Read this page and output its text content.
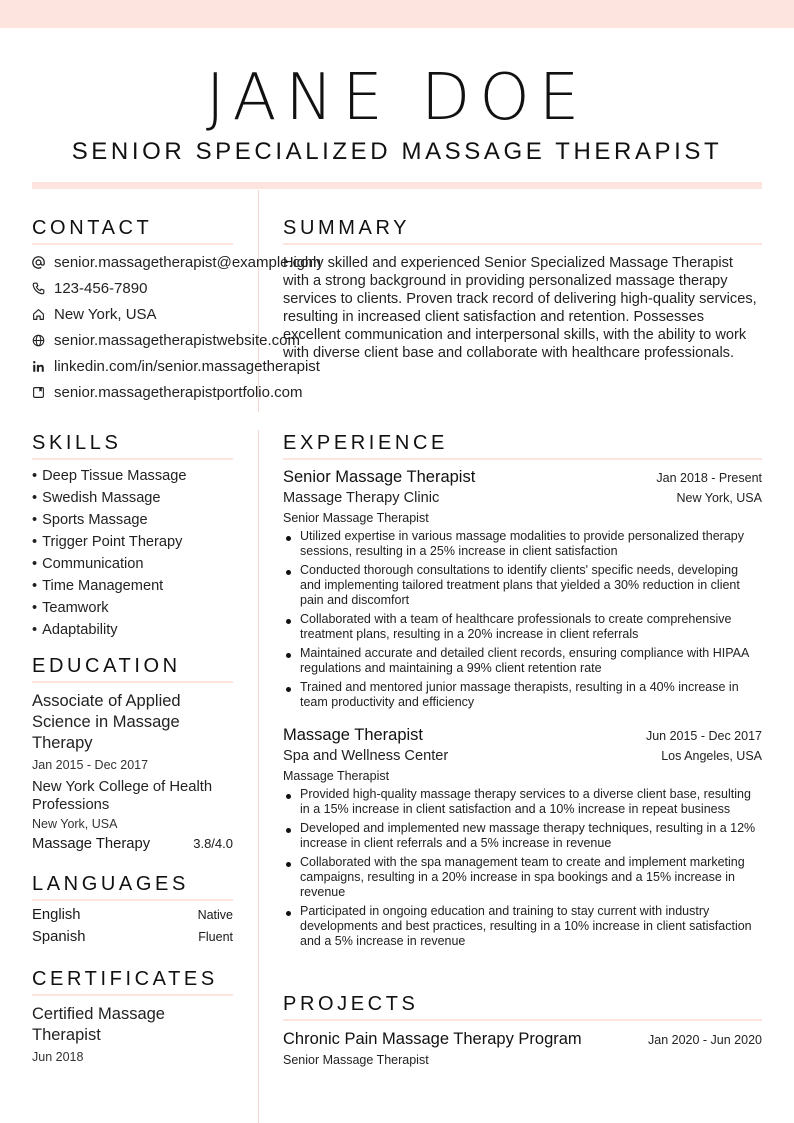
JANE DOE
SENIOR SPECIALIZED MASSAGE THERAPIST
CONTACT
senior.massagetherapist@example.com
123-456-7890
New York, USA
senior.massagetherapistwebsite.com
linkedin.com/in/senior.massagetherapist
senior.massagetherapistportfolio.com
SUMMARY
Highly skilled and experienced Senior Specialized Massage Therapist with a strong background in providing personalized massage therapy services to clients. Proven track record of delivering high-quality services, resulting in increased client satisfaction and retention. Possesses excellent communication and interpersonal skills, with the ability to work with diverse client base and collaborate with healthcare professionals.
SKILLS
• Deep Tissue Massage
• Swedish Massage
• Sports Massage
• Trigger Point Therapy
• Communication
• Time Management
• Teamwork
• Adaptability
EDUCATION
Associate of Applied Science in Massage Therapy
Jan 2015 - Dec 2017
New York College of Health Professions
New York, USA
Massage Therapy	3.8/4.0
LANGUAGES
English	Native
Spanish	Fluent
CERTIFICATES
Certified Massage Therapist
Jun 2018
EXPERIENCE
Senior Massage Therapist	Jan 2018 - Present
Massage Therapy Clinic	New York, USA
Senior Massage Therapist
Utilized expertise in various massage modalities to provide personalized therapy sessions, resulting in a 25% increase in client satisfaction
Conducted thorough consultations to identify clients' specific needs, developing and implementing tailored treatment plans that yielded a 30% reduction in client pain and discomfort
Collaborated with a team of healthcare professionals to create comprehensive treatment plans, resulting in a 20% increase in client referrals
Maintained accurate and detailed client records, ensuring compliance with HIPAA regulations and maintaining a 99% client retention rate
Trained and mentored junior massage therapists, resulting in a 40% increase in team productivity and efficiency
Massage Therapist	Jun 2015 - Dec 2017
Spa and Wellness Center	Los Angeles, USA
Massage Therapist
Provided high-quality massage therapy services to a diverse client base, resulting in a 15% increase in client satisfaction and a 10% increase in repeat business
Developed and implemented new massage therapy techniques, resulting in a 12% increase in client referrals and a 5% increase in revenue
Collaborated with the spa management team to create and implement marketing campaigns, resulting in a 20% increase in spa bookings and a 15% increase in revenue
Participated in ongoing education and training to stay current with industry developments and best practices, resulting in a 10% increase in client satisfaction and a 5% increase in revenue
PROJECTS
Chronic Pain Massage Therapy Program	Jan 2020 - Jun 2020
Senior Massage Therapist
